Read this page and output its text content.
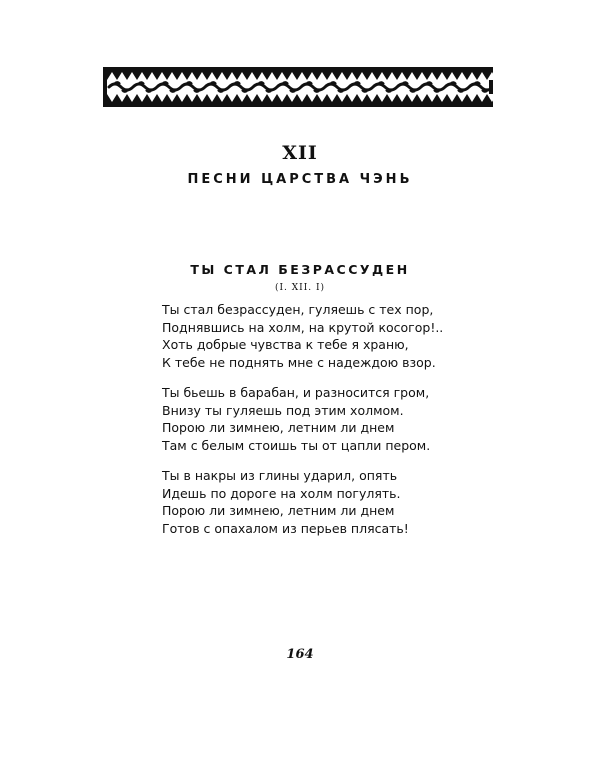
XII
ПЕСНИ ЦАРСТВА ЧЭНЬ
ТЫ СТАЛ БЕЗРАССУДЕН
(I. XII. I)
Ты стал безрассуден, гуляешь с тех пор,
Поднявшись на холм, на крутой косогор!..
Хоть добрые чувства к тебе я храню,
К тебе не поднять мне с надеждою взор.
Ты бьешь в барабан, и разносится гром,
Внизу ты гуляешь под этим холмом.
Порою ли зимнею, летним ли днем
Там с белым стоишь ты от цапли пером.
Ты в накры из глины ударил, опять
Идешь по дороге на холм погулять.
Порою ли зимнею, летним ли днем
Готов с опахалом из перьев плясать!
164
